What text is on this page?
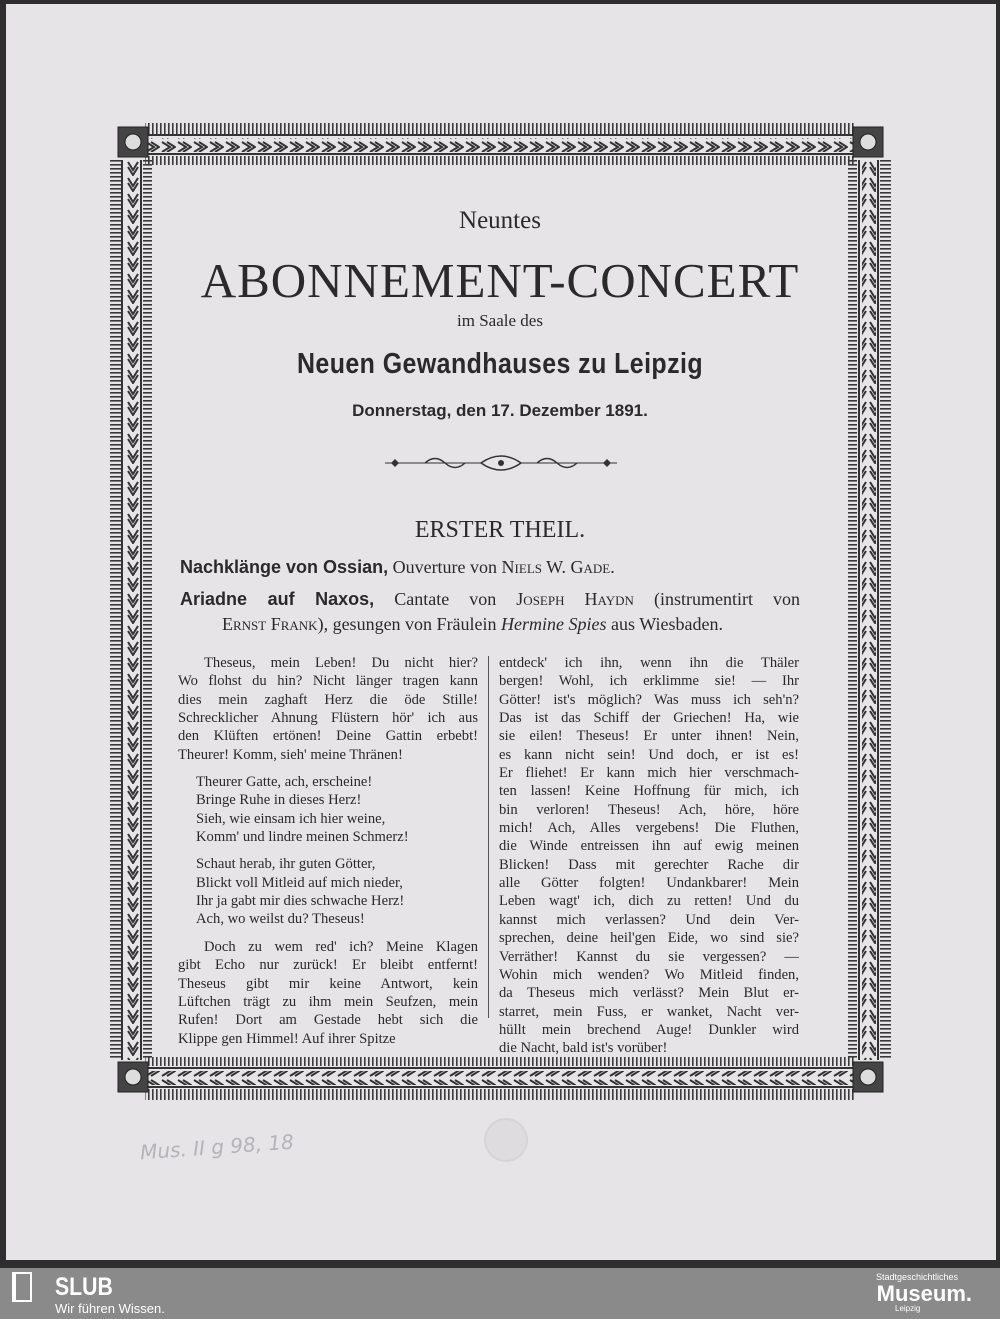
Neuntes
ABONNEMENT-CONCERT
im Saale des
Neuen Gewandhauses zu Leipzig
Donnerstag, den 17. Dezember 1891.
ERSTER THEIL.
Nachklänge von Ossian, Ouverture von Niels W. Gade.
Ariadne auf Naxos, Cantate von Joseph Haydn (instrumentirt von
Ernst Frank), gesungen von Fräulein Hermine Spies aus Wiesbaden.
Theseus, mein Leben! Du nicht hier?
Wo flohst du hin? Nicht länger tragen kann
dies mein zaghaft Herz die öde Stille!
Schrecklicher Ahnung Flüstern hör' ich aus
den Klüften ertönen! Deine Gattin erbebt!
Theurer! Komm, sieh' meine Thränen!
Theurer Gatte, ach, erscheine!
Bringe Ruhe in dieses Herz!
Sieh, wie einsam ich hier weine,
Komm' und lindre meinen Schmerz!
Schaut herab, ihr guten Götter,
Blickt voll Mitleid auf mich nieder,
Ihr ja gabt mir dies schwache Herz!
Ach, wo weilst du? Theseus!
Doch zu wem red' ich? Meine Klagen
gibt Echo nur zurück! Er bleibt entfernt!
Theseus gibt mir keine Antwort, kein
Lüftchen trägt zu ihm mein Seufzen, mein
Rufen! Dort am Gestade hebt sich die
Klippe gen Himmel! Auf ihrer Spitze
entdeck' ich ihn, wenn ihn die Thäler
bergen! Wohl, ich erklimme sie! — Ihr
Götter! ist's möglich? Was muss ich seh'n?
Das ist das Schiff der Griechen! Ha, wie
sie eilen! Theseus! Er unter ihnen! Nein,
es kann nicht sein! Und doch, er ist es!
Er fliehet! Er kann mich hier verschmach-
ten lassen! Keine Hoffnung für mich, ich
bin verloren! Theseus! Ach, höre, höre
mich! Ach, Alles vergebens! Die Fluthen,
die Winde entreissen ihn auf ewig meinen
Blicken! Dass mit gerechter Rache dir
alle Götter folgten! Undankbarer! Mein
Leben wagt' ich, dich zu retten! Und du
kannst mich verlassen? Und dein Ver-
sprechen, deine heil'gen Eide, wo sind sie?
Verräther! Kannst du sie vergessen? —
Wohin mich wenden? Wo Mitleid finden,
da Theseus mich verlässt? Mein Blut er-
starret, mein Fuss, er wanket, Nacht ver-
hüllt mein brechend Auge! Dunkler wird
die Nacht, bald ist's vorüber!
Mus. II g 98, 18
SLUB
Wir führen Wissen.
Stadtgeschichtliches
Museum.
Leipzig
